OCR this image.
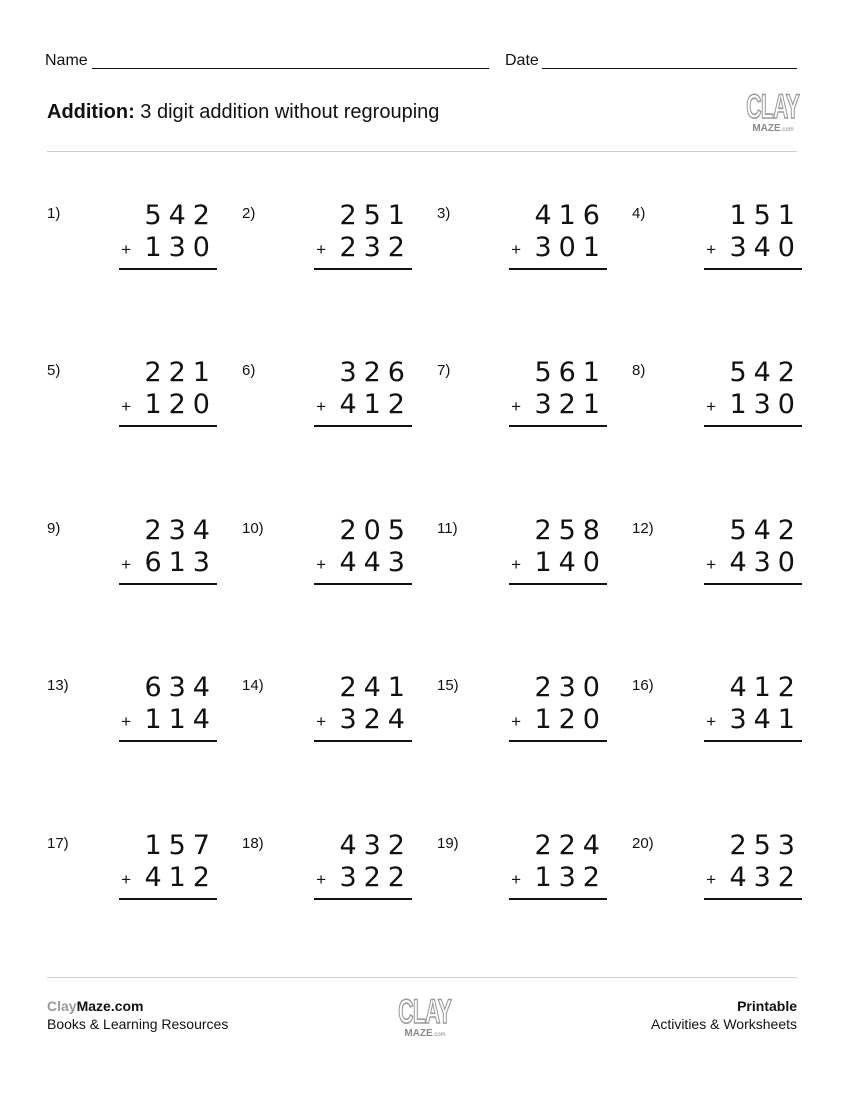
Name	Date
Addition: 3 digit addition without regrouping	CLAY
MAZE.com
1)	542
+ 130
2)	251
+ 232
3)	416
+ 301
4)	151
+ 340
5)	221
+ 120
6)	326
+ 412
7)	561
+ 321
8)	542
+ 130
9)	234
+ 613
10)	205
+ 443
11)	258
+ 140
12)	542
+ 430
13)	634
+ 114
14)	241
+ 324
15)	230
+ 120
16)	412
+ 341
17)	157
+ 412
18)	432
+ 322
19)	224
+ 132
20)	253
+ 432
ClayMaze.com
Books & Learning Resources	CLAY
MAZE.com
Printable
Activities & Worksheets
